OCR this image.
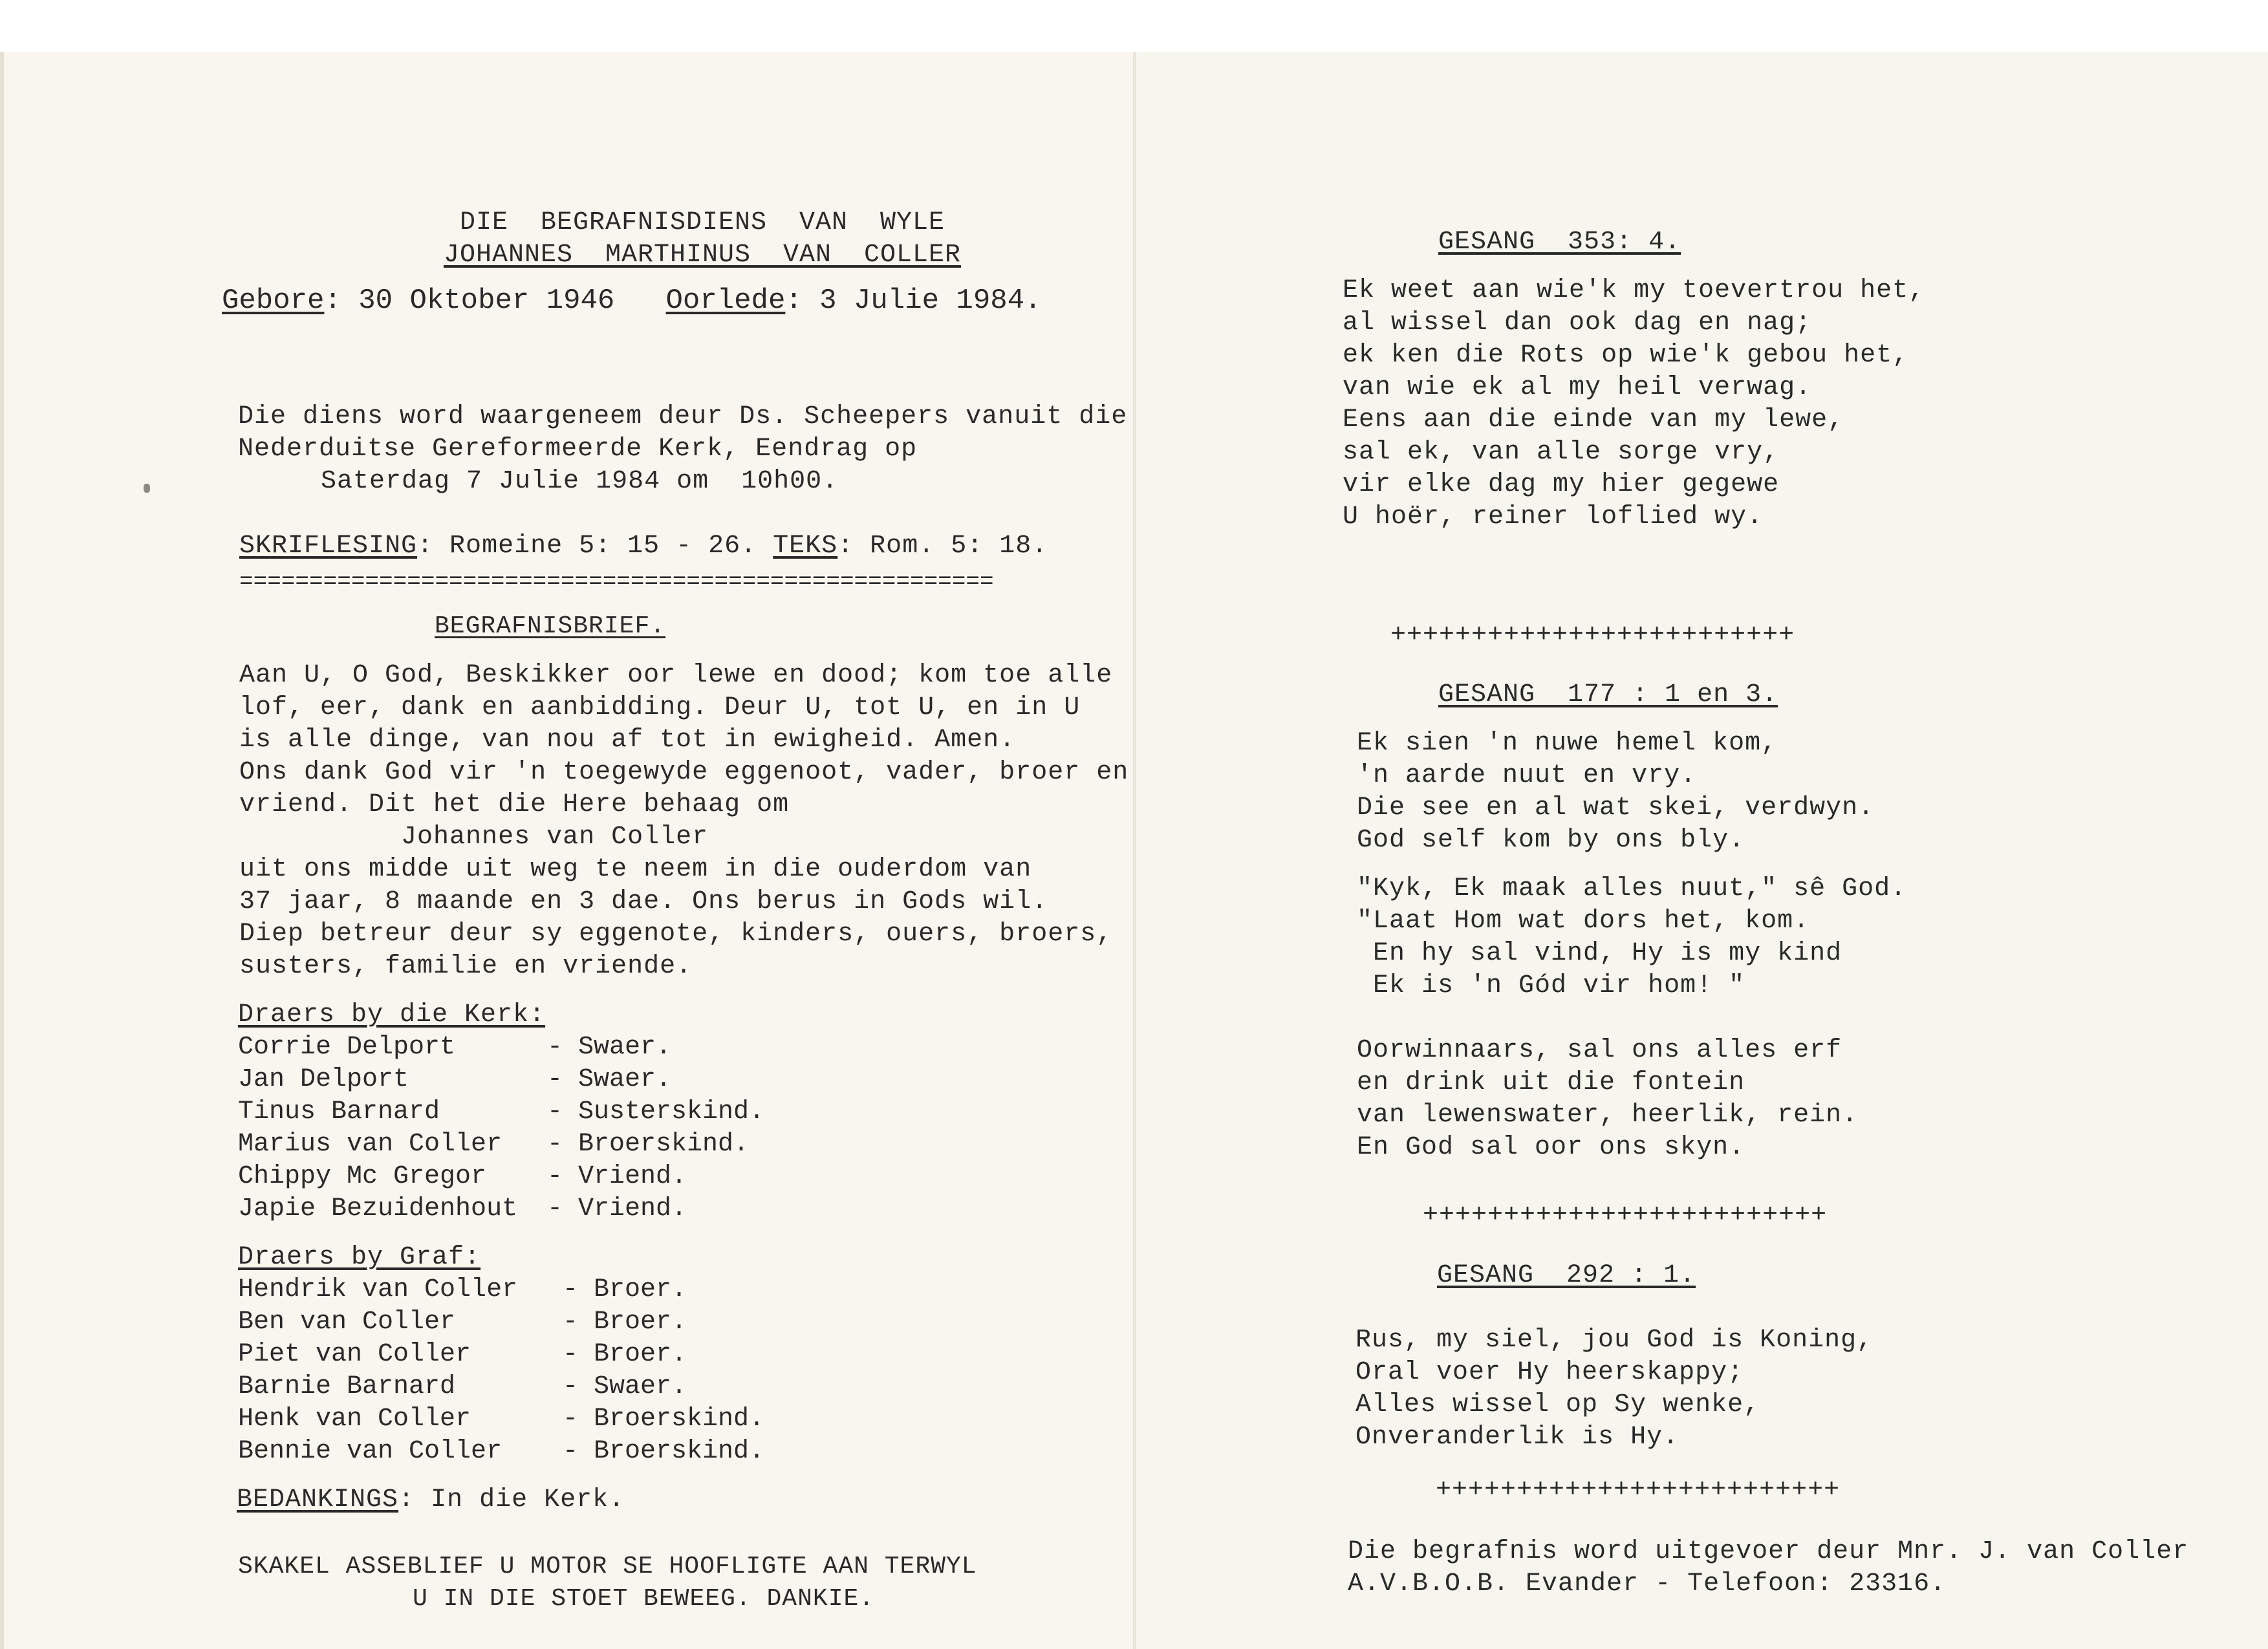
DIE  BEGRAFNISDIENS  VAN  WYLE
JOHANNES  MARTHINUS  VAN  COLLER
Gebore: 30 Oktober 1946 Oorlede: 3 Julie 1984.
Die diens word waargeneem deur Ds. Scheepers vanuit die
Nederduitse Gereformeerde Kerk, Eendrag op
Saterdag 7 Julie 1984 om  10h00.
SKRIFLESING: Romeine 5: 15 - 26. TEKS: Rom. 5: 18.
======================================================
BEGRAFNISBRIEF.
Aan U, O God, Beskikker oor lewe en dood; kom toe alle
lof, eer, dank en aanbidding. Deur U, tot U, en in U
is alle dinge, van nou af tot in ewigheid. Amen.
Ons dank God vir 'n toegewyde eggenoot, vader, broer en
vriend. Dit het die Here behaag om
Johannes van Coller
uit ons midde uit weg te neem in die ouderdom van
37 jaar, 8 maande en 3 dae. Ons berus in Gods wil.
Diep betreur deur sy eggenote, kinders, ouers, broers,
susters, familie en vriende.
Draers by die Kerk:
Corrie Delport	- Swaer.
Jan Delport	- Swaer.
Tinus Barnard	- Susterskind.
Marius van Coller - Broerskind.
Chippy Mc Gregor - Vriend.
Japie Bezuidenhout - Vriend.
Draers by Graf:
Hendrik van Coller - Broer.
Ben van Coller	- Broer.
Piet van Coller	- Broer.
Barnie Barnard	- Swaer.
Henk van Coller	- Broerskind.
Bennie van Coller - Broerskind.
BEDANKINGS: In die Kerk.
SKAKEL ASSEBLIEF U MOTOR SE HOOFLIGTE AAN TERWYL
U IN DIE STOET BEWEEG. DANKIE.
GESANG  353: 4.
Ek weet aan wie'k my toevertrou het,
al wissel dan ook dag en nag;
ek ken die Rots op wie'k gebou het,
van wie ek al my heil verwag.
Eens aan die einde van my lewe,
sal ek, van alle sorge vry,
vir elke dag my hier gegewe
U hoër, reiner loflied wy.
+++++++++++++++++++++++++
GESANG  177 : 1 en 3.
Ek sien 'n nuwe hemel kom,
'n aarde nuut en vry.
Die see en al wat skei, verdwyn.
God self kom by ons bly.
"Kyk, Ek maak alles nuut," sê God.
"Laat Hom wat dors het, kom.
En hy sal vind, Hy is my kind
Ek is 'n Gód vir hom! "
Oorwinnaars, sal ons alles erf
en drink uit die fontein
van lewenswater, heerlik, rein.
En God sal oor ons skyn.
+++++++++++++++++++++++++
GESANG  292 : 1.
Rus, my siel, jou God is Koning,
Oral voer Hy heerskappy;
Alles wissel op Sy wenke,
Onveranderlik is Hy.
+++++++++++++++++++++++++
Die begrafnis word uitgevoer deur Mnr. J. van Coller
A.V.B.O.B. Evander - Telefoon: 23316.
